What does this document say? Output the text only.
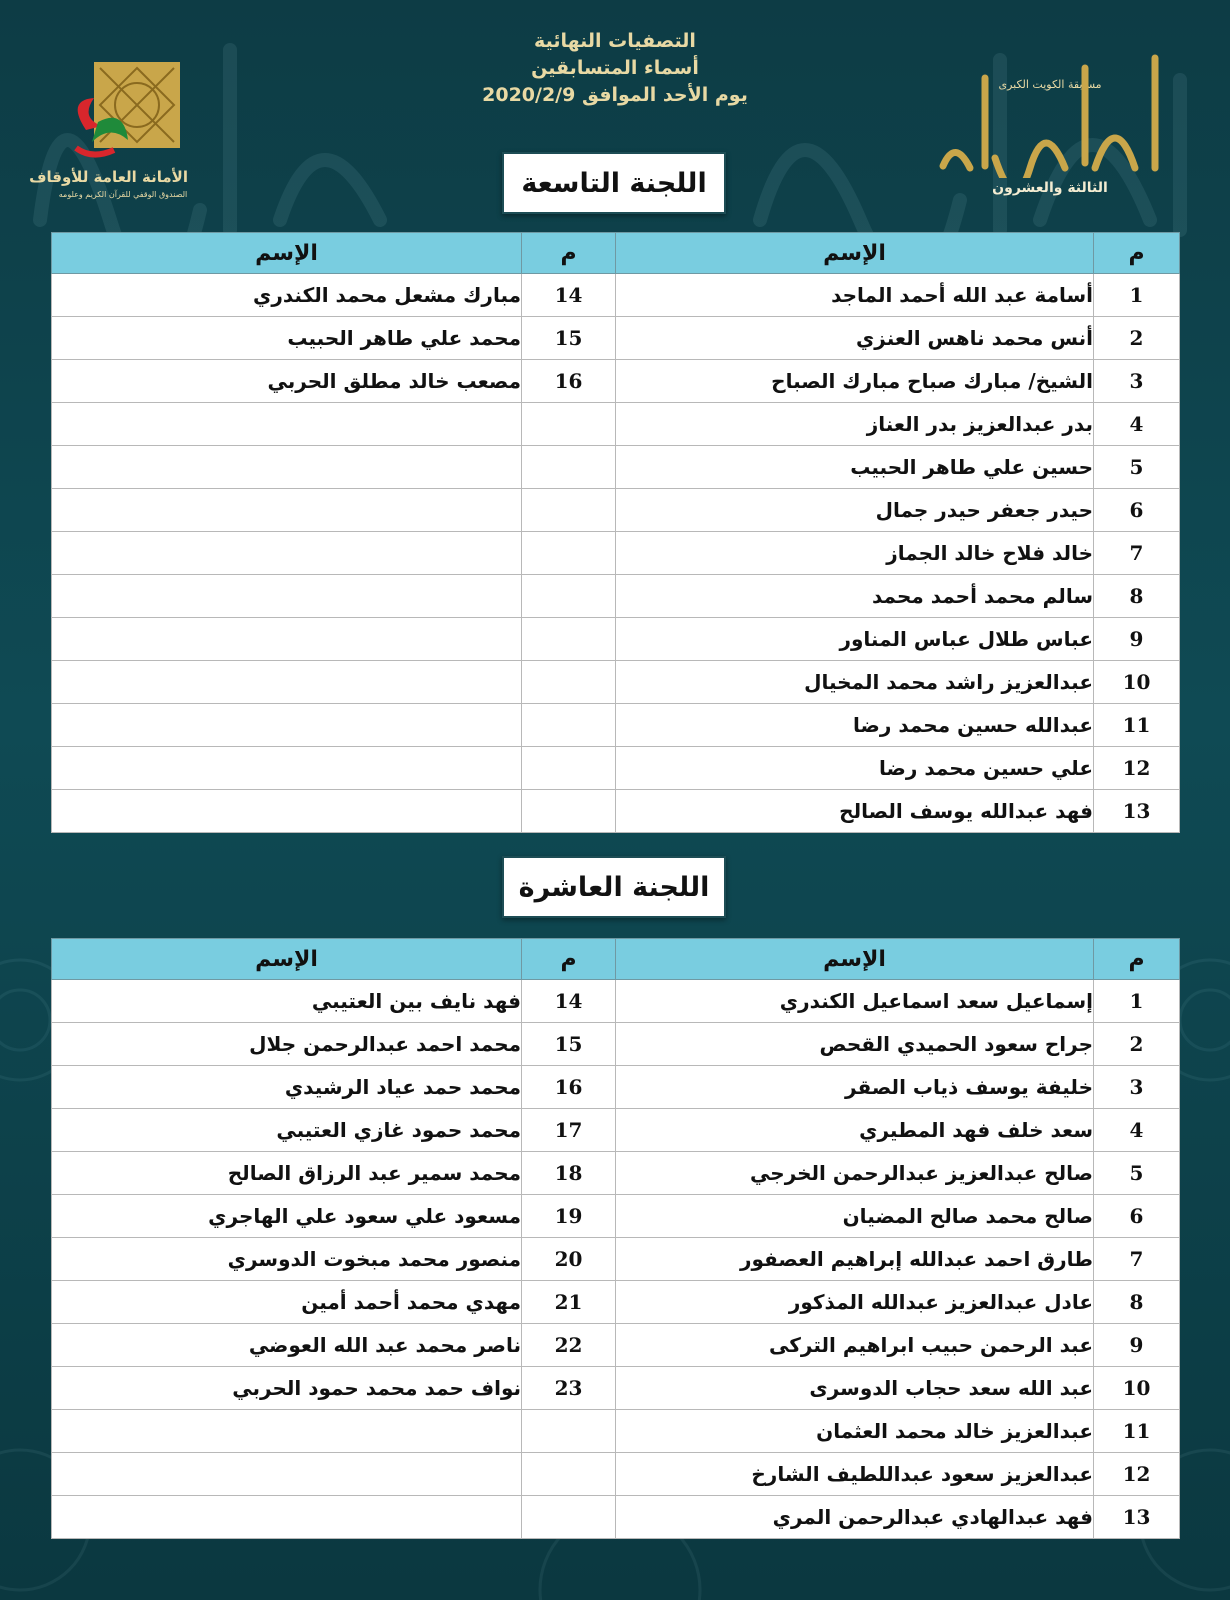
التصفيات النهائية
أسماء المتسابقين
يوم الأحد الموافق 2020/2/9
الأمانة العامة للأوقاف
الصندوق الوقفي للقرآن الكريم وعلومه
مسابقة الكويت الكبرى
الثالثة والعشرون
اللجنة التاسعة
م	الإسم	م	الإسم
1	أسامة عبد الله أحمد الماجد	14	مبارك مشعل محمد الكندري
2	أنس محمد ناهس العنزي	15	محمد علي طاهر الحبيب
3	الشيخ/ مبارك صباح مبارك الصباح	16	مصعب خالد مطلق الحربي
4	بدر عبدالعزيز بدر العناز		
5	حسين علي طاهر الحبيب		
6	حيدر جعفر حيدر جمال		
7	خالد فلاح خالد الجماز		
8	سالم محمد أحمد محمد		
9	عباس طلال عباس المناور		
10	عبدالعزيز راشد محمد المخيال		
11	عبدالله حسين محمد رضا		
12	علي حسين محمد رضا		
13	فهد عبدالله يوسف الصالح		
اللجنة العاشرة
م	الإسم	م	الإسم
1	إسماعيل سعد اسماعيل الكندري	14	فهد نايف بين العتيبي
2	جراح سعود الحميدي القحص	15	محمد احمد عبدالرحمن جلال
3	خليفة يوسف ذياب الصقر	16	محمد حمد عياد الرشيدي
4	سعد خلف فهد المطيري	17	محمد حمود غازي العتيبي
5	صالح عبدالعزيز عبدالرحمن الخرجي	18	محمد سمير عبد الرزاق الصالح
6	صالح محمد صالح المضيان	19	مسعود علي سعود علي الهاجري
7	طارق احمد عبدالله إبراهيم العصفور	20	منصور محمد مبخوت الدوسري
8	عادل عبدالعزيز عبدالله المذكور	21	مهدي محمد أحمد أمين
9	عبد الرحمن حبيب ابراهيم التركى	22	ناصر محمد عبد الله العوضي
10	عبد الله سعد حجاب الدوسرى	23	نواف حمد محمد حمود الحربي
11	عبدالعزيز خالد محمد العثمان		
12	عبدالعزيز سعود عبداللطيف الشارخ		
13	فهد عبدالهادي عبدالرحمن المري		
